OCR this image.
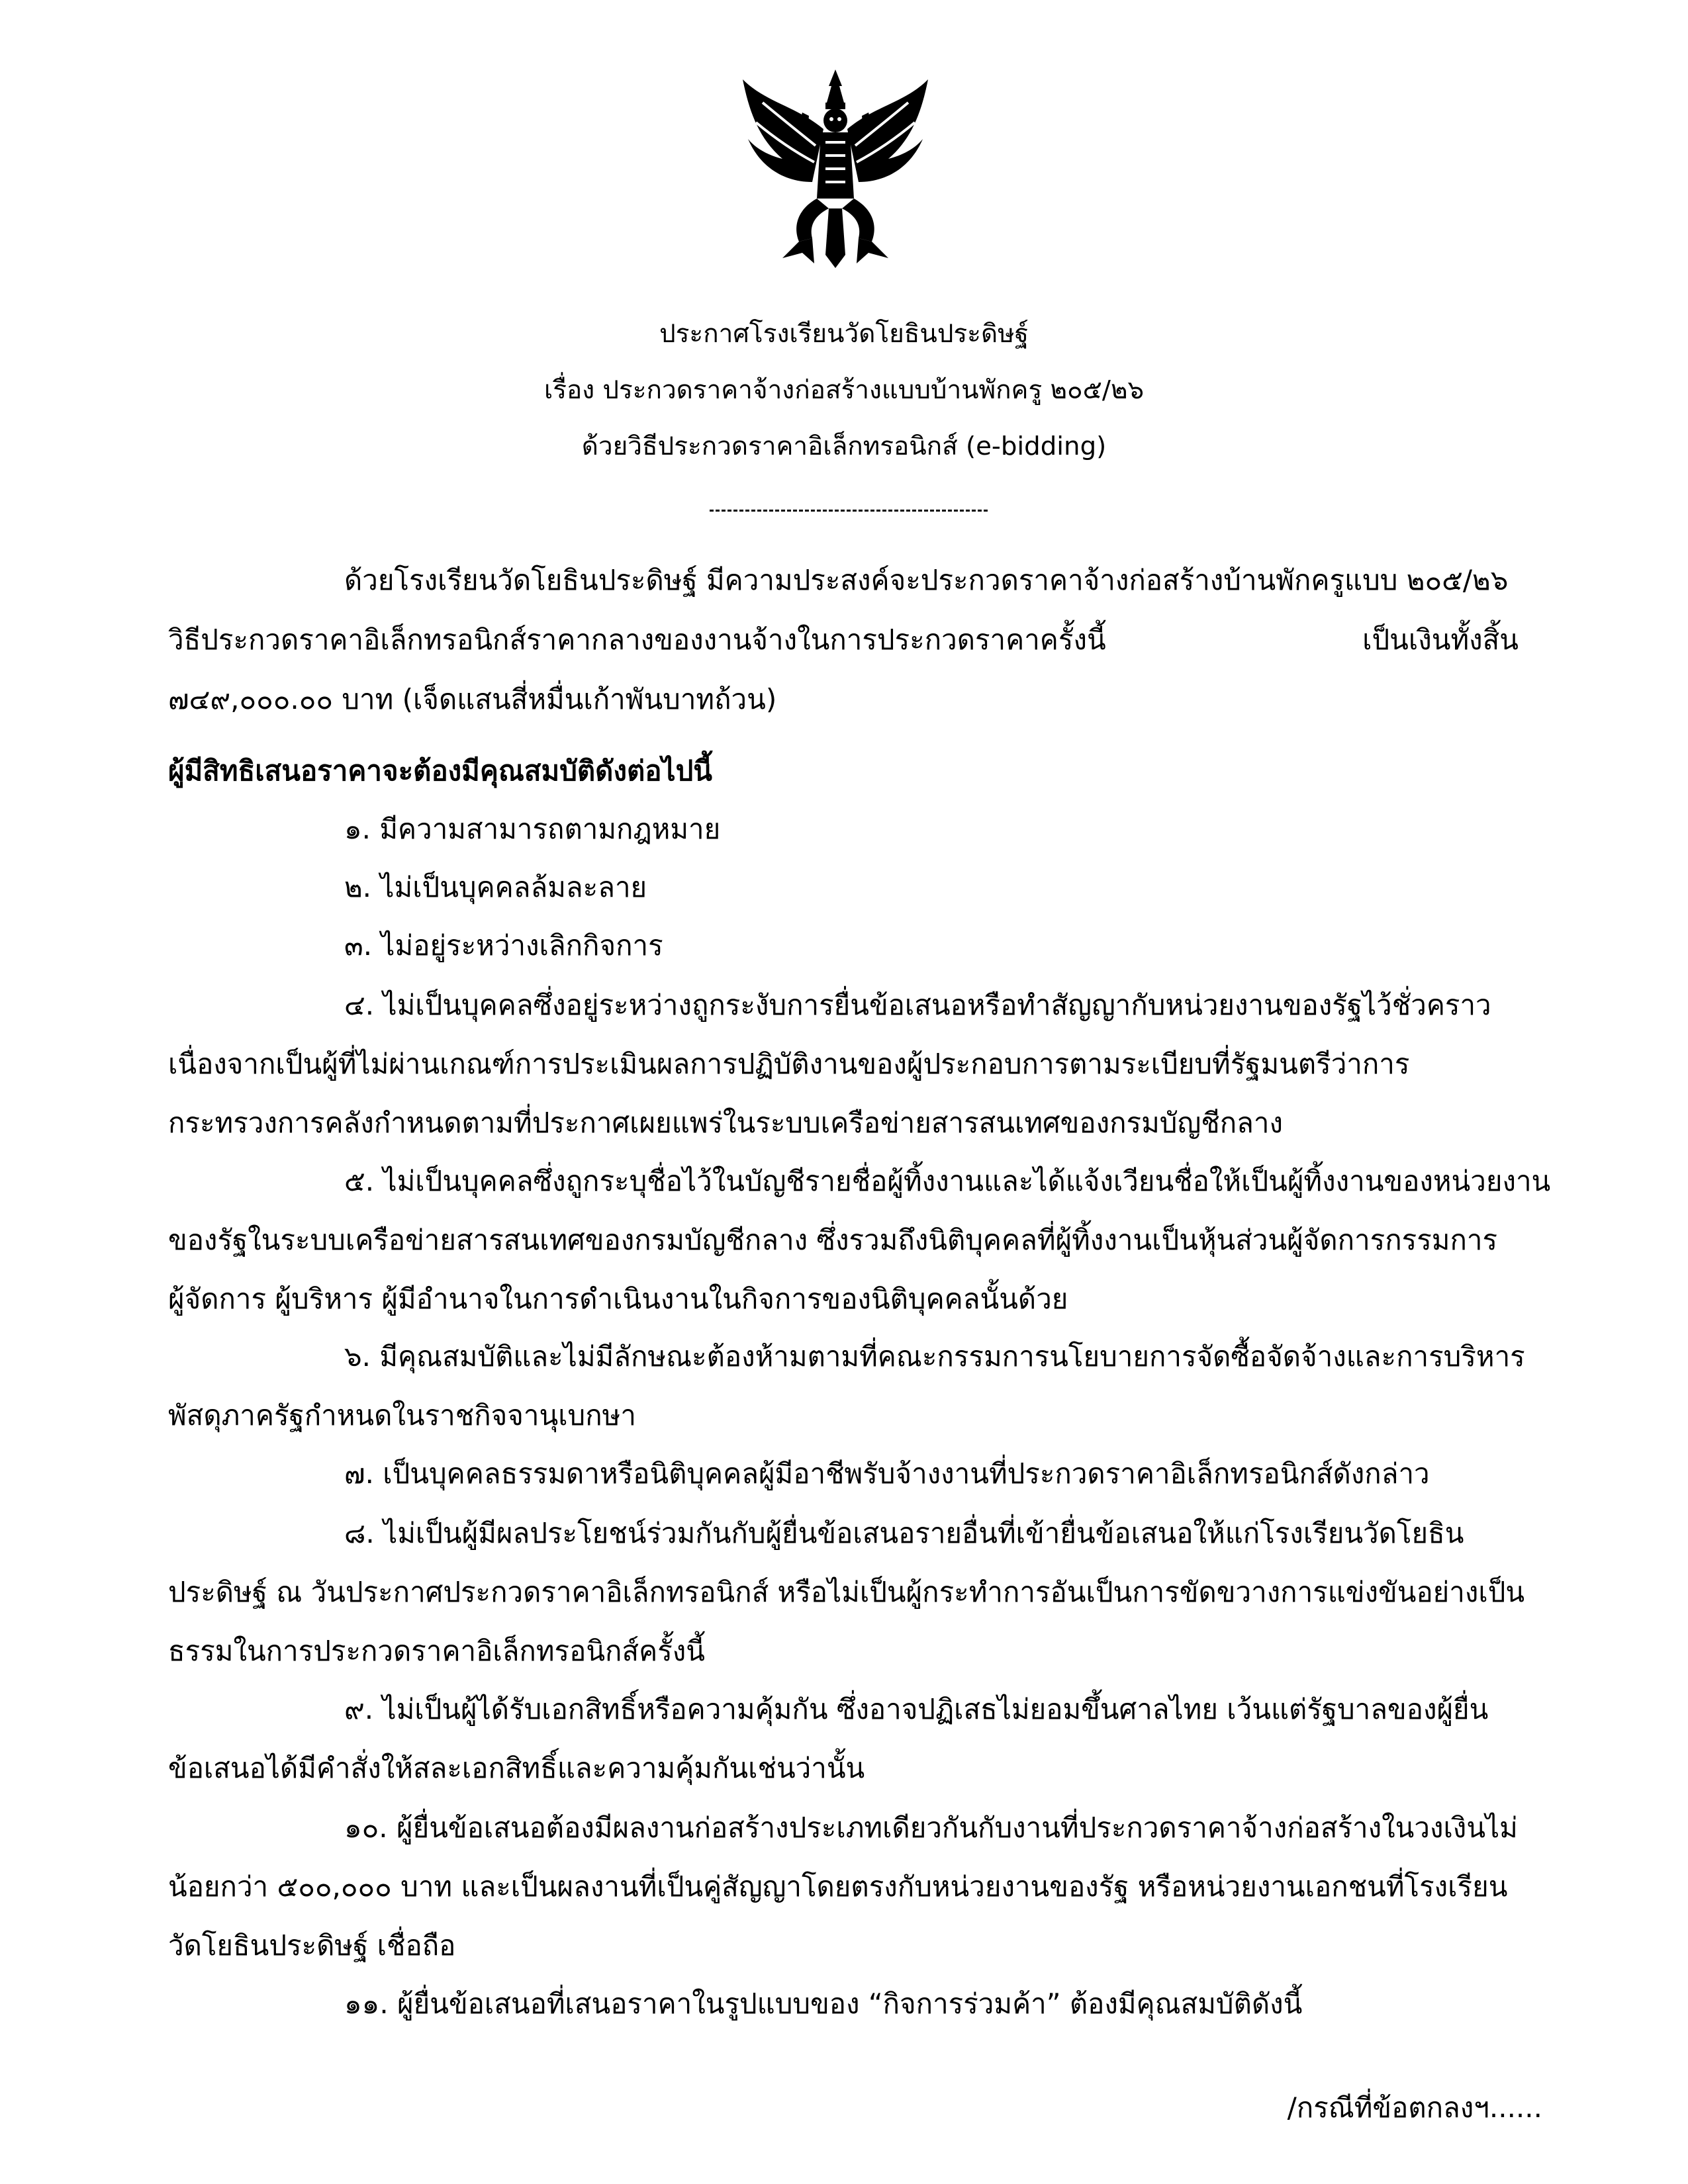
ประกาศโรงเรียนวัดโยธินประดิษฐ์
เรื่อง ประกวดราคาจ้างก่อสร้างแบบบ้านพักครู ๒๐๕/๒๖
ด้วยวิธีประกวดราคาอิเล็กทรอนิกส์ (e-bidding)
ด้วยโรงเรียนวัดโยธินประดิษฐ์ มีความประสงค์จะประกวดราคาจ้างก่อสร้างบ้านพักครูแบบ ๒๐๕/๒๖
วิธีประกวดราคาอิเล็กทรอนิกส์ราคากลางของงานจ้างในการประกวดราคาครั้งนี้ เป็นเงินทั้งสิ้น
๗๔๙,๐๐๐.๐๐ บาท (เจ็ดแสนสี่หมื่นเก้าพันบาทถ้วน)
ผู้มีสิทธิเสนอราคาจะต้องมีคุณสมบัติดังต่อไปนี้
๑. มีความสามารถตามกฎหมาย
๒. ไม่เป็นบุคคลล้มละลาย
๓. ไม่อยู่ระหว่างเลิกกิจการ
๔. ไม่เป็นบุคคลซึ่งอยู่ระหว่างถูกระงับการยื่นข้อเสนอหรือทำสัญญากับหน่วยงานของรัฐไว้ชั่วคราว
เนื่องจากเป็นผู้ที่ไม่ผ่านเกณฑ์การประเมินผลการปฏิบัติงานของผู้ประกอบการตามระเบียบที่รัฐมนตรีว่าการ
กระทรวงการคลังกำหนดตามที่ประกาศเผยแพร่ในระบบเครือข่ายสารสนเทศของกรมบัญชีกลาง
๕. ไม่เป็นบุคคลซึ่งถูกระบุชื่อไว้ในบัญชีรายชื่อผู้ทิ้งงานและได้แจ้งเวียนชื่อให้เป็นผู้ทิ้งงานของหน่วยงาน
ของรัฐในระบบเครือข่ายสารสนเทศของกรมบัญชีกลาง ซึ่งรวมถึงนิติบุคคลที่ผู้ทิ้งงานเป็นหุ้นส่วนผู้จัดการกรรมการ
ผู้จัดการ ผู้บริหาร ผู้มีอำนาจในการดำเนินงานในกิจการของนิติบุคคลนั้นด้วย
๖. มีคุณสมบัติและไม่มีลักษณะต้องห้ามตามที่คณะกรรมการนโยบายการจัดซื้อจัดจ้างและการบริหาร
พัสดุภาครัฐกำหนดในราชกิจจานุเบกษา
๗. เป็นบุคคลธรรมดาหรือนิติบุคคลผู้มีอาชีพรับจ้างงานที่ประกวดราคาอิเล็กทรอนิกส์ดังกล่าว
๘. ไม่เป็นผู้มีผลประโยชน์ร่วมกันกับผู้ยื่นข้อเสนอรายอื่นที่เข้ายื่นข้อเสนอให้แก่โรงเรียนวัดโยธิน
ประดิษฐ์ ณ วันประกาศประกวดราคาอิเล็กทรอนิกส์ หรือไม่เป็นผู้กระทำการอันเป็นการขัดขวางการแข่งขันอย่างเป็น
ธรรมในการประกวดราคาอิเล็กทรอนิกส์ครั้งนี้
๙. ไม่เป็นผู้ได้รับเอกสิทธิ์หรือความคุ้มกัน ซึ่งอาจปฏิเสธไม่ยอมขึ้นศาลไทย เว้นแต่รัฐบาลของผู้ยื่น
ข้อเสนอได้มีคำสั่งให้สละเอกสิทธิ์และความคุ้มกันเช่นว่านั้น
๑๐. ผู้ยื่นข้อเสนอต้องมีผลงานก่อสร้างประเภทเดียวกันกับงานที่ประกวดราคาจ้างก่อสร้างในวงเงินไม่
น้อยกว่า ๕๐๐,๐๐๐ บาท และเป็นผลงานที่เป็นคู่สัญญาโดยตรงกับหน่วยงานของรัฐ หรือหน่วยงานเอกชนที่โรงเรียน
วัดโยธินประดิษฐ์ เชื่อถือ
๑๑. ผู้ยื่นข้อเสนอที่เสนอราคาในรูปแบบของ “กิจการร่วมค้า” ต้องมีคุณสมบัติดังนี้
/กรณีที่ข้อตกลงฯ......
